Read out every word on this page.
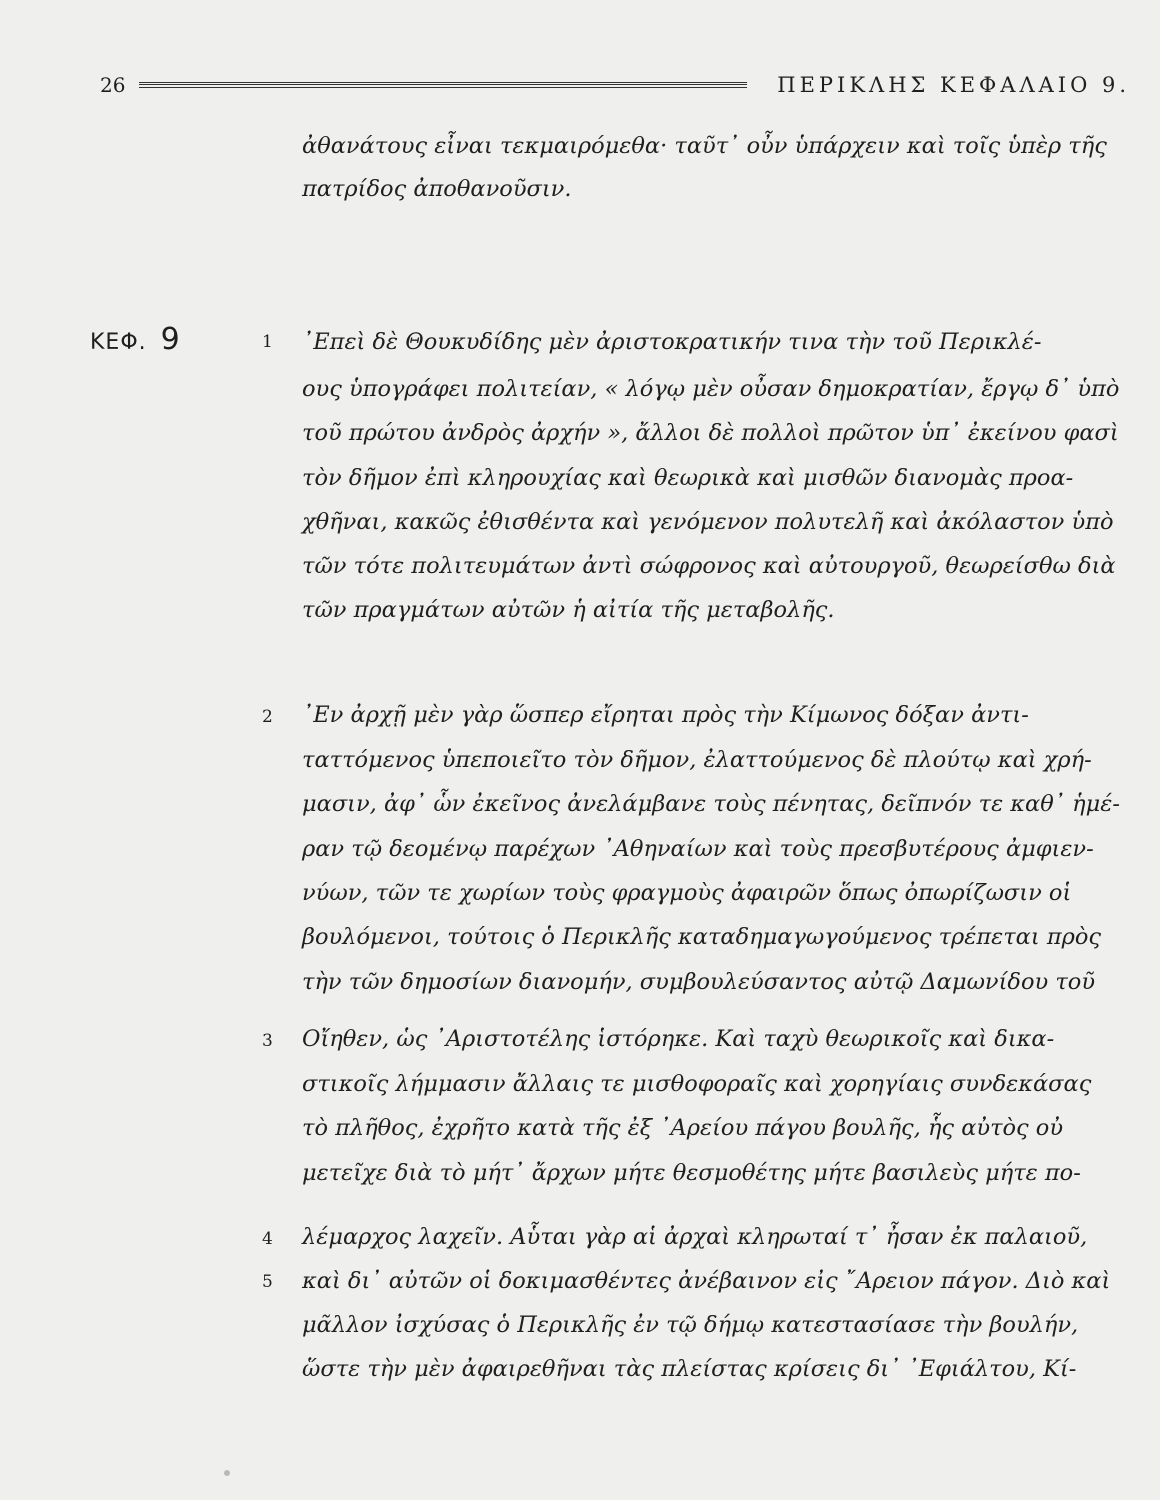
26	ΠΕΡΙΚΛΗΣ ΚΕΦΑΛΑΙΟ 9.
ΚΕΦ. 9	1
2
3
4
5
ἀθανάτους εἶναι τεκμαιρόμεθα· ταῦτ᾽ οὖν ὑπάρχειν καὶ τοῖς ὑπὲρ τῆς
πατρίδος ἀποθανοῦσιν.
᾽Επεὶ δὲ Θουκυδίδης μὲν ἀριστοκρατικήν τινα τὴν τοῦ Περικλέ-
ους ὑπογράφει πολιτείαν, « λόγῳ μὲν οὖσαν δημοκρατίαν, ἔργῳ δ᾽ ὑπὸ
τοῦ πρώτου ἀνδρὸς ἀρχήν », ἄλλοι δὲ πολλοὶ πρῶτον ὑπ᾽ ἐκείνου φασὶ
τὸν δῆμον ἐπὶ κληρουχίας καὶ θεωρικὰ καὶ μισθῶν διανομὰς προα-
χθῆναι, κακῶς ἐθισθέντα καὶ γενόμενον πολυτελῆ καὶ ἀκόλαστον ὑπὸ
τῶν τότε πολιτευμάτων ἀντὶ σώφρονος καὶ αὐτουργοῦ, θεωρείσθω διὰ
τῶν πραγμάτων αὐτῶν ἡ αἰτία τῆς μεταβολῆς.
᾽Εν ἀρχῇ μὲν γὰρ ὥσπερ εἴρηται πρὸς τὴν Κίμωνος δόξαν ἀντι-
ταττόμενος ὑπεποιεῖτο τὸν δῆμον, ἐλαττούμενος δὲ πλούτῳ καὶ χρή-
μασιν, ἀφ᾽ ὧν ἐκεῖνος ἀνελάμβανε τοὺς πένητας, δεῖπνόν τε καθ᾽ ἡμέ-
ραν τῷ δεομένῳ παρέχων ᾽Αθηναίων καὶ τοὺς πρεσβυτέρους ἀμφιεν-
νύων, τῶν τε χωρίων τοὺς φραγμοὺς ἀφαιρῶν ὅπως ὀπωρίζωσιν οἱ
βουλόμενοι, τούτοις ὁ Περικλῆς καταδημαγωγούμενος τρέπεται πρὸς
τὴν τῶν δημοσίων διανομήν, συμβουλεύσαντος αὐτῷ Δαμωνίδου τοῦ
Οἴηθεν, ὡς ᾽Αριστοτέλης ἱστόρηκε. Καὶ ταχὺ θεωρικοῖς καὶ δικα-
στικοῖς λήμμασιν ἄλλαις τε μισθοφοραῖς καὶ χορηγίαις συνδεκάσας
τὸ πλῆθος, ἐχρῆτο κατὰ τῆς ἐξ ᾽Αρείου πάγου βουλῆς, ἧς αὐτὸς οὐ
μετεῖχε διὰ τὸ μήτ᾽ ἄρχων μήτε θεσμοθέτης μήτε βασιλεὺς μήτε πο-
λέμαρχος λαχεῖν. Αὗται γὰρ αἱ ἀρχαὶ κληρωταί τ᾽ ἦσαν ἐκ παλαιοῦ,
καὶ δι᾽ αὐτῶν οἱ δοκιμασθέντες ἀνέβαινον εἰς ῎Αρειον πάγον. Διὸ καὶ
μᾶλλον ἰσχύσας ὁ Περικλῆς ἐν τῷ δήμῳ κατεστασίασε τὴν βουλήν,
ὥστε τὴν μὲν ἀφαιρεθῆναι τὰς πλείστας κρίσεις δι᾽ ᾽Εφιάλτου, Κί-
